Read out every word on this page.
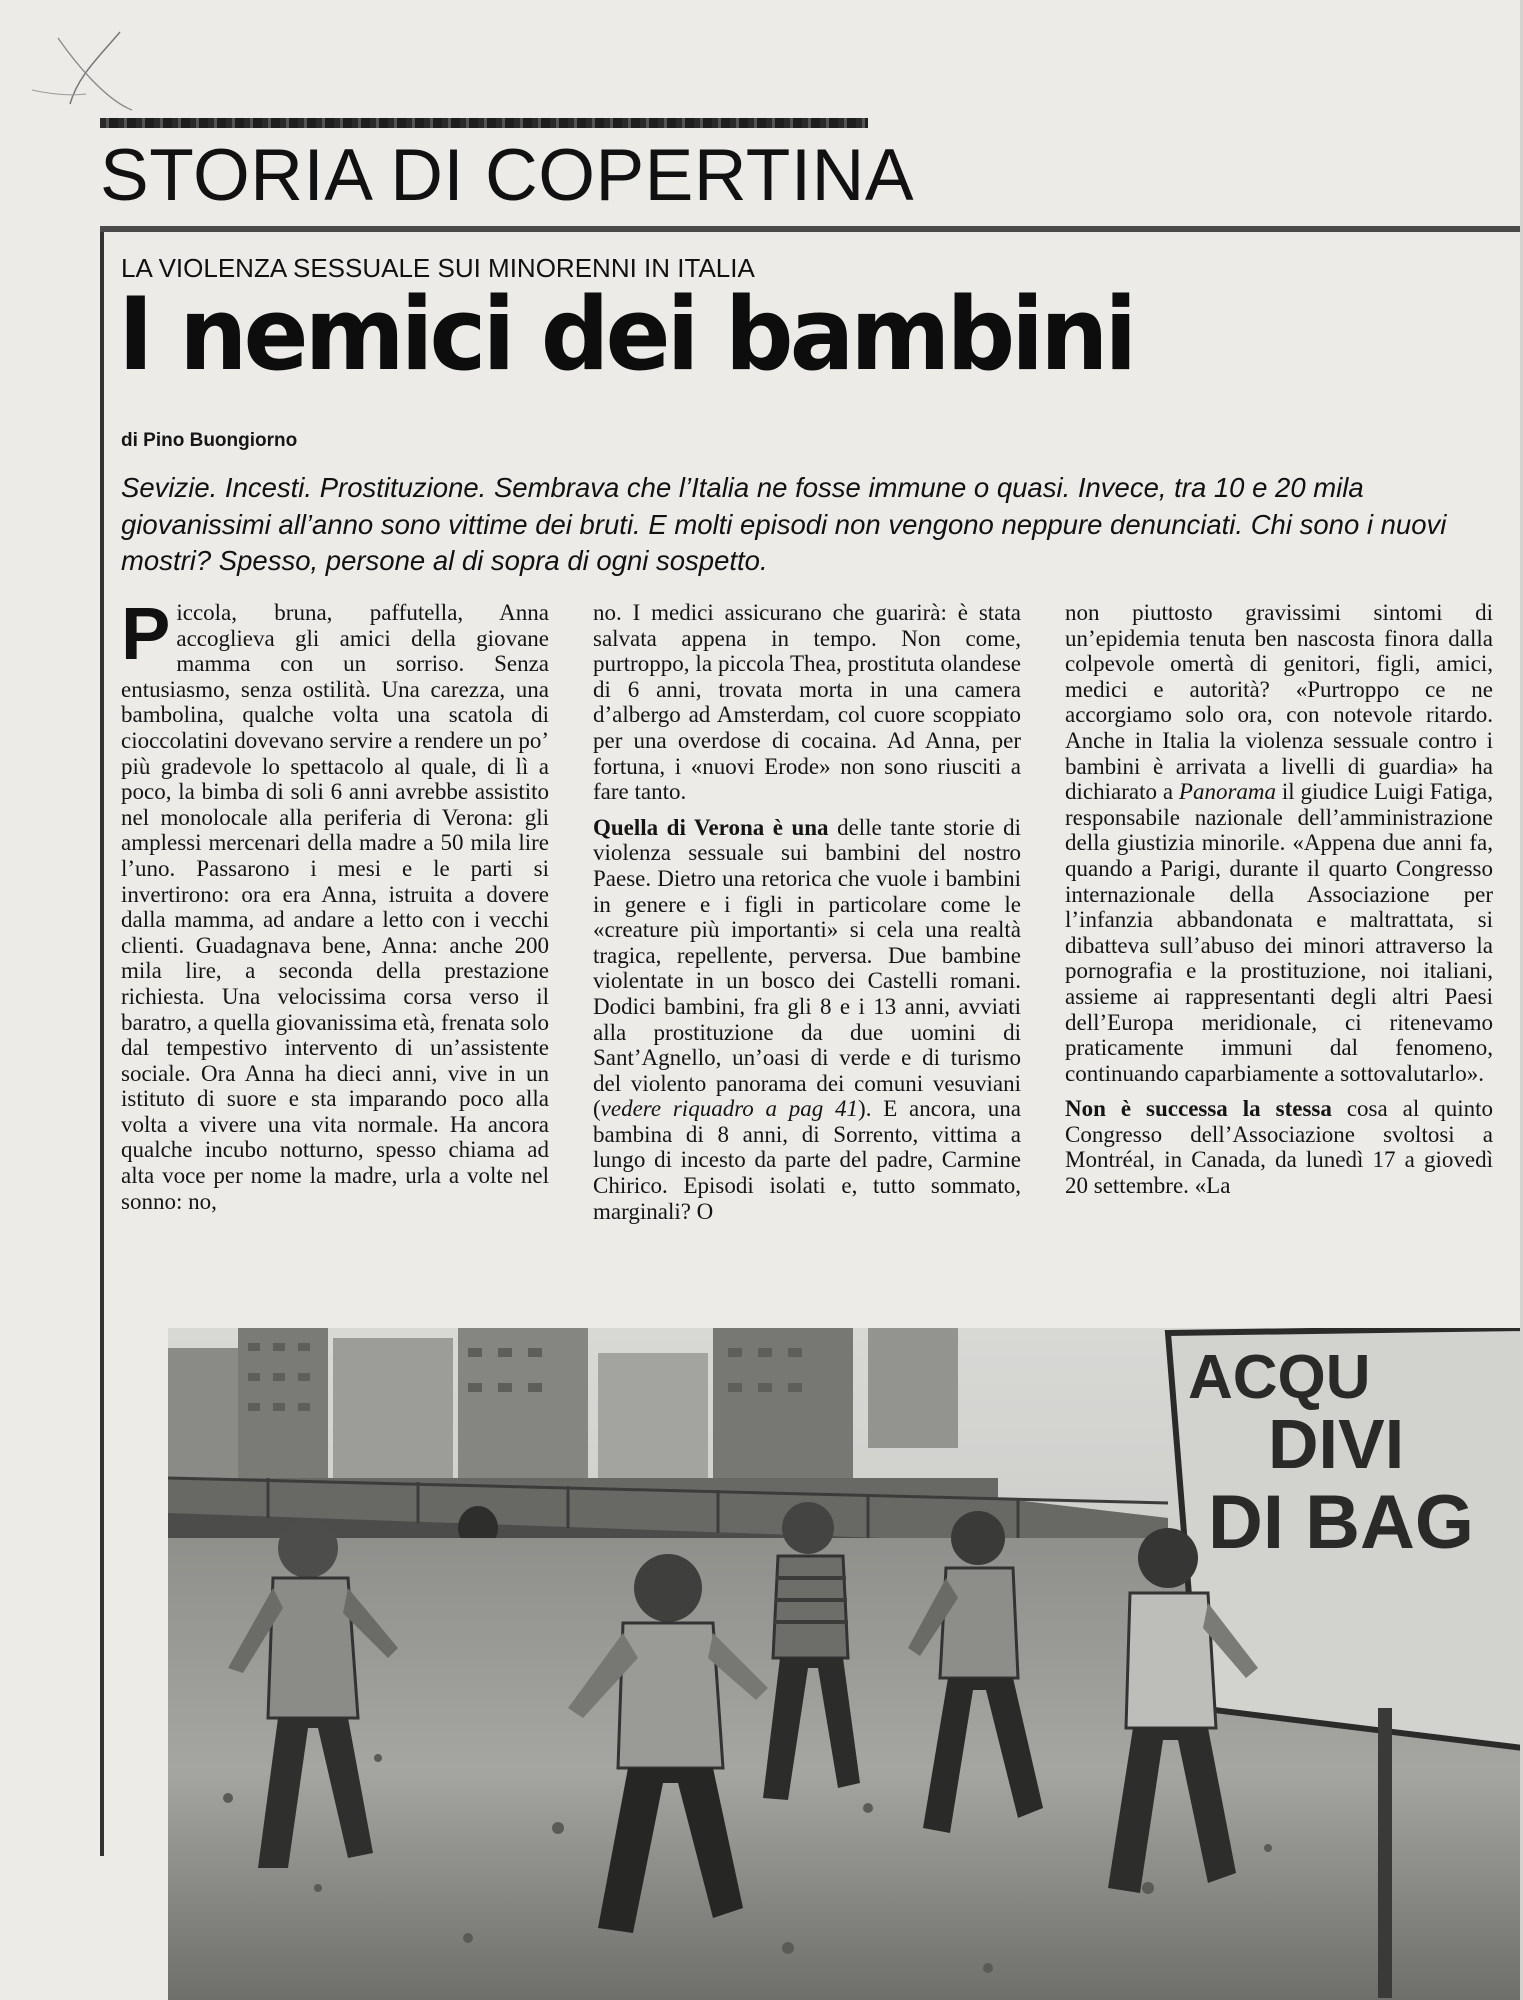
STORIA DI COPERTINA
LA VIOLENZA SESSUALE SUI MINORENNI IN ITALIA
I nemici dei bambini
di Pino Buongiorno

Sevizie. Incesti. Prostituzione. Sembrava che l’Italia ne fosse immune o quasi. Invece, tra 10 e 20 mila giovanissimi all’anno sono vittime dei bruti. E molti episodi non vengono neppure denunciati. Chi sono i nuovi mostri? Spesso, persone al di sopra di ogni sospetto.

Piccola, bruna, paffutella, Anna accoglieva gli amici della giovane mamma con un sorriso. Senza entusiasmo, senza ostilità. Una carezza, una bambolina, qualche volta una scatola di cioccolatini dovevano servire a rendere un po’ più gradevole lo spettacolo al quale, di lì a poco, la bimba di soli 6 anni avrebbe assistito nel monolocale alla periferia di Verona: gli amplessi mercenari della madre a 50 mila lire l’uno. Passarono i mesi e le parti si invertirono: ora era Anna, istruita a dovere dalla mamma, ad andare a letto con i vecchi clienti. Guadagnava bene, Anna: anche 200 mila lire, a seconda della prestazione richiesta. Una velocissima corsa verso il baratro, a quella giovanissima età, frenata solo dal tempestivo intervento di un’assistente sociale. Ora Anna ha dieci anni, vive in un istituto di suore e sta imparando poco alla volta a vivere una vita normale. Ha ancora qualche incubo notturno, spesso chiama ad alta voce per nome la madre, urla a volte nel sonno: no,

no. I medici assicurano che guarirà: è stata salvata appena in tempo. Non come, purtroppo, la piccola Thea, prostituta olandese di 6 anni, trovata morta in una camera d’albergo ad Amsterdam, col cuore scoppiato per una overdose di cocaina. Ad Anna, per fortuna, i «nuovi Erode» non sono riusciti a fare tanto.

Quella di Verona è una delle tante storie di violenza sessuale sui bambini del nostro Paese. Dietro una retorica che vuole i bambini in genere e i figli in particolare come le «creature più importanti» si cela una realtà tragica, repellente, perversa. Due bambine violentate in un bosco dei Castelli romani. Dodici bambini, fra gli 8 e i 13 anni, avviati alla prostituzione da due uomini di Sant’Agnello, un’oasi di verde e di turismo del violento panorama dei comuni vesuviani (vedere riquadro a pag 41). E ancora, una bambina di 8 anni, di Sorrento, vittima a lungo di incesto da parte del padre, Carmine Chirico. Episodi isolati e, tutto sommato, marginali? O

non piuttosto gravissimi sintomi di un’epidemia tenuta ben nascosta finora dalla colpevole omertà di genitori, figli, amici, medici e autorità? «Purtroppo ce ne accorgiamo solo ora, con notevole ritardo. Anche in Italia la violenza sessuale contro i bambini è arrivata a livelli di guardia» ha dichiarato a Panorama il giudice Luigi Fatiga, responsabile nazionale dell’amministrazione della giustizia minorile. «Appena due anni fa, quando a Parigi, durante il quarto Congresso internazionale della Associazione per l’infanzia abbandonata e maltrattata, si dibatteva sull’abuso dei minori attraverso la pornografia e la prostituzione, noi italiani, assieme ai rappresentanti degli altri Paesi dell’Europa meridionale, ci ritenevamo praticamente immuni dal fenomeno, continuando caparbiamente a sottovalutarlo».

Non è successa la stessa cosa al quinto Congresso dell’Associazione svoltosi a Montréal, in Canada, da lunedì 17 a giovedì 20 settembre. «La

ACQU
DIVI
DI BAG
